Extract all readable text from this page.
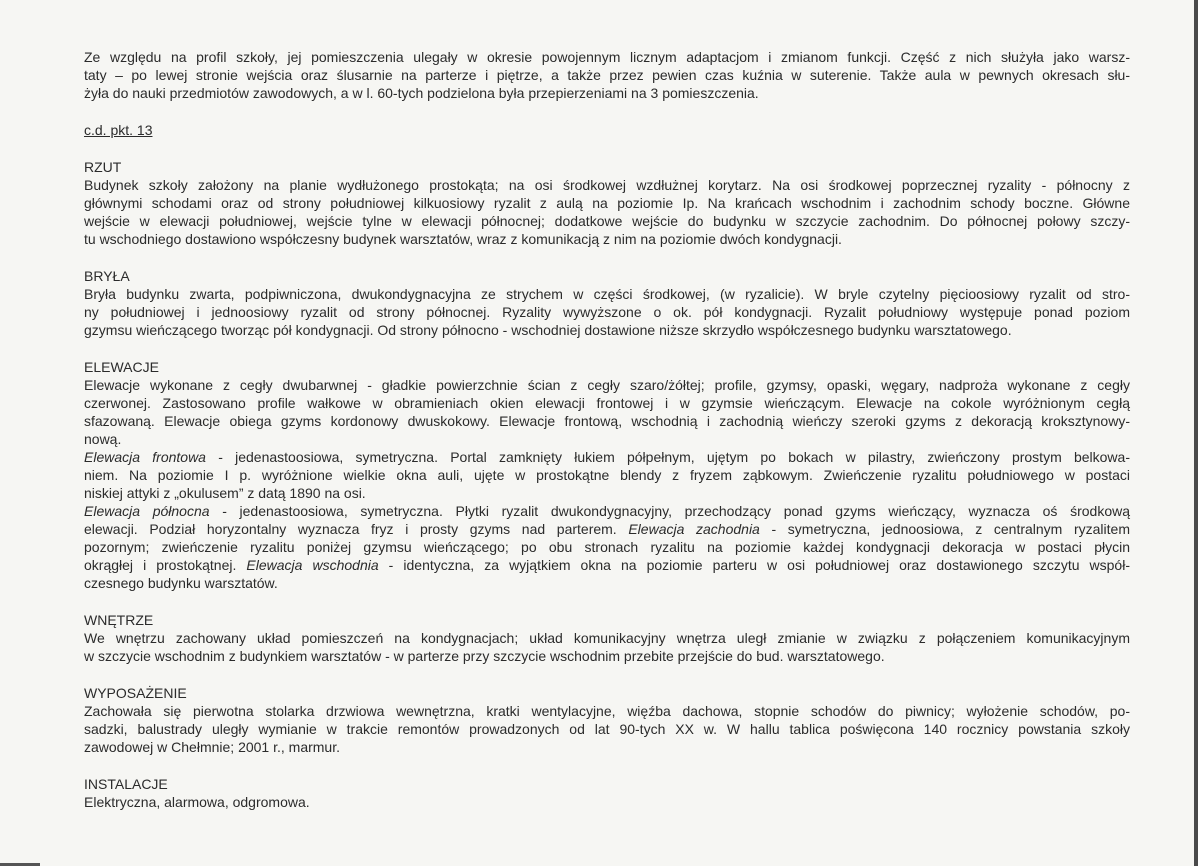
Ze względu na profil szkoły, jej pomieszczenia ulegały w okresie powojennym licznym adaptacjom i zmianom funkcji. Część z nich służyła jako warsz-
taty – po lewej stronie wejścia oraz ślusarnie na parterze i piętrze, a także przez pewien czas kuźnia w suterenie. Także aula w pewnych okresach słu-
żyła do nauki przedmiotów zawodowych, a w l. 60-tych podzielona była przepierzeniami na 3 pomieszczenia.
c.d. pkt. 13
RZUT
Budynek szkoły założony na planie wydłużonego prostokąta; na osi środkowej wzdłużnej korytarz. Na osi środkowej poprzecznej ryzality - północny z
głównymi schodami oraz od strony południowej kilkuosiowy ryzalit z aulą na poziomie Ip. Na krańcach wschodnim i zachodnim schody boczne. Główne
wejście w elewacji południowej, wejście tylne w elewacji północnej; dodatkowe wejście do budynku w szczycie zachodnim. Do północnej połowy szczy-
tu wschodniego dostawiono współczesny budynek warsztatów, wraz z komunikacją z nim na poziomie dwóch kondygnacji.
BRYŁA
Bryła budynku zwarta, podpiwniczona, dwukondygnacyjna ze strychem w części środkowej, (w ryzalicie). W bryle czytelny pięcioosiowy ryzalit od stro-
ny południowej i jednoosiowy ryzalit od strony północnej. Ryzality wywyższone o ok. pół kondygnacji. Ryzalit południowy występuje ponad poziom
gzymsu wieńczącego tworząc pół kondygnacji. Od strony północno - wschodniej dostawione niższe skrzydło współczesnego budynku warsztatowego.
ELEWACJE
Elewacje wykonane z cegły dwubarwnej - gładkie powierzchnie ścian z cegły szaro/żółtej; profile, gzymsy, opaski, węgary, nadproża wykonane z cegły
czerwonej. Zastosowano profile wałkowe w obramieniach okien elewacji frontowej i w gzymsie wieńczącym. Elewacje na cokole wyróżnionym cegłą
sfazowaną. Elewacje obiega gzyms kordonowy dwuskokowy. Elewacje frontową, wschodnią i zachodnią wieńczy szeroki gzyms z dekoracją kroksztynowy-
nową.
Elewacja frontowa - jedenastoosiowa, symetryczna. Portal zamknięty łukiem półpełnym, ujętym po bokach w pilastry, zwieńczony prostym belkowa-
niem. Na poziomie I p. wyróżnione wielkie okna auli, ujęte w prostokątne blendy z fryzem ząbkowym. Zwieńczenie ryzalitu południowego w postaci
niskiej attyki z „okulusem” z datą 1890 na osi.
Elewacja północna - jedenastoosiowa, symetryczna. Płytki ryzalit dwukondygnacyjny, przechodzący ponad gzyms wieńczący, wyznacza oś środkową
elewacji. Podział horyzontalny wyznacza fryz i prosty gzyms nad parterem. Elewacja zachodnia - symetryczna, jednoosiowa, z centralnym ryzalitem
pozornym; zwieńczenie ryzalitu poniżej gzymsu wieńczącego; po obu stronach ryzalitu na poziomie każdej kondygnacji dekoracja w postaci płycin
okrągłej i prostokątnej. Elewacja wschodnia - identyczna, za wyjątkiem okna na poziomie parteru w osi południowej oraz dostawionego szczytu współ-
czesnego budynku warsztatów.
WNĘTRZE
We wnętrzu zachowany układ pomieszczeń na kondygnacjach; układ komunikacyjny wnętrza uległ zmianie w związku z połączeniem komunikacyjnym
w szczycie wschodnim z budynkiem warsztatów - w parterze przy szczycie wschodnim przebite przejście do bud. warsztatowego.
WYPOSAŻENIE
Zachowała się pierwotna stolarka drzwiowa wewnętrzna, kratki wentylacyjne, więźba dachowa, stopnie schodów do piwnicy; wyłożenie schodów, po-
sadzki, balustrady uległy wymianie w trakcie remontów prowadzonych od lat 90-tych XX w. W hallu tablica poświęcona 140 rocznicy powstania szkoły
zawodowej w Chełmnie; 2001 r., marmur.
INSTALACJE
Elektryczna, alarmowa, odgromowa.
